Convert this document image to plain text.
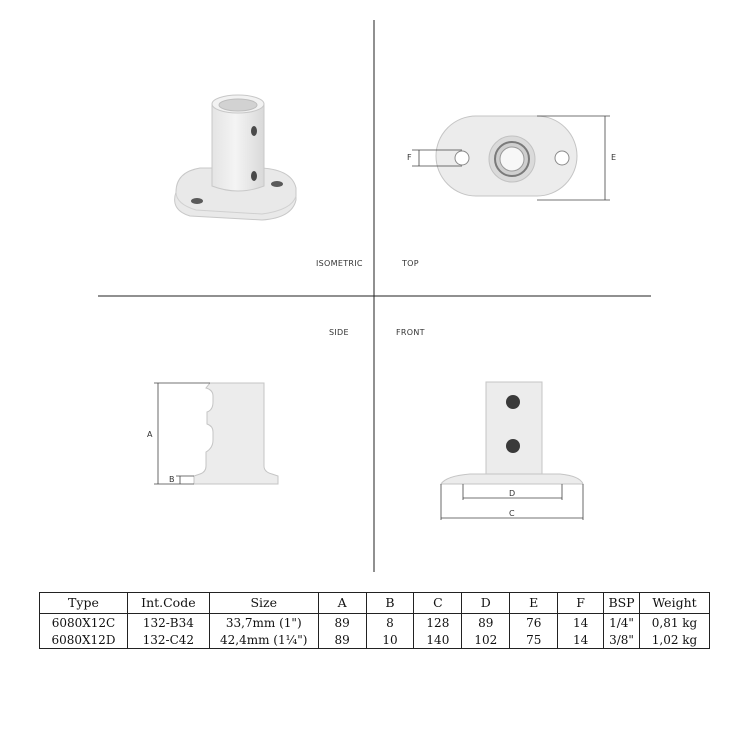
ISOMETRIC	TOP
SIDE	FRONT
F	E
A
B
D
C
Type	Int.Code	Size	A	B	C	D	E	F	BSP	Weight
6080X12C	132-B34	33,7mm (1")	89	8	128	89	76	14	1/4"	0,81 kg
6080X12D	132-C42	42,4mm (1¼")	89	10	140	102	75	14	3/8"	1,02 kg
